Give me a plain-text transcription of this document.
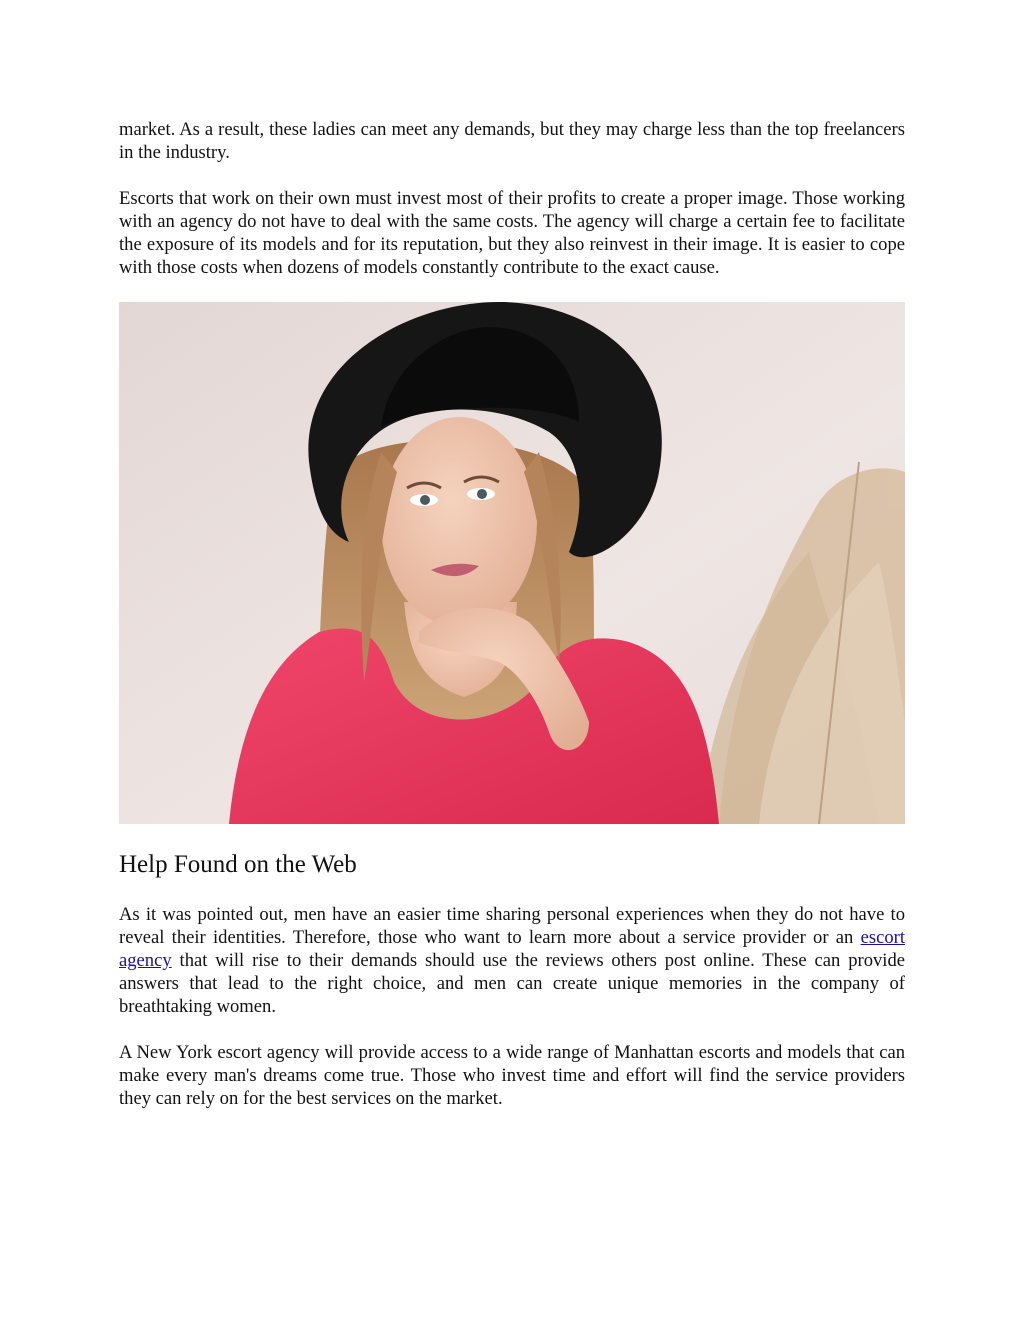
market. As a result, these ladies can meet any demands, but they may charge less than the top freelancers in the industry.

Escorts that work on their own must invest most of their profits to create a proper image. Those working with an agency do not have to deal with the same costs. The agency will charge a certain fee to facilitate the exposure of its models and for its reputation, but they also reinvest in their image. It is easier to cope with those costs when dozens of models constantly contribute to the exact cause.

Help Found on the Web

As it was pointed out, men have an easier time sharing personal experiences when they do not have to reveal their identities. Therefore, those who want to learn more about a service provider or an escort agency that will rise to their demands should use the reviews others post online. These can provide answers that lead to the right choice, and men can create unique memories in the company of breathtaking women.

A New York escort agency will provide access to a wide range of Manhattan escorts and models that can make every man's dreams come true. Those who invest time and effort will find the service providers they can rely on for the best services on the market.
